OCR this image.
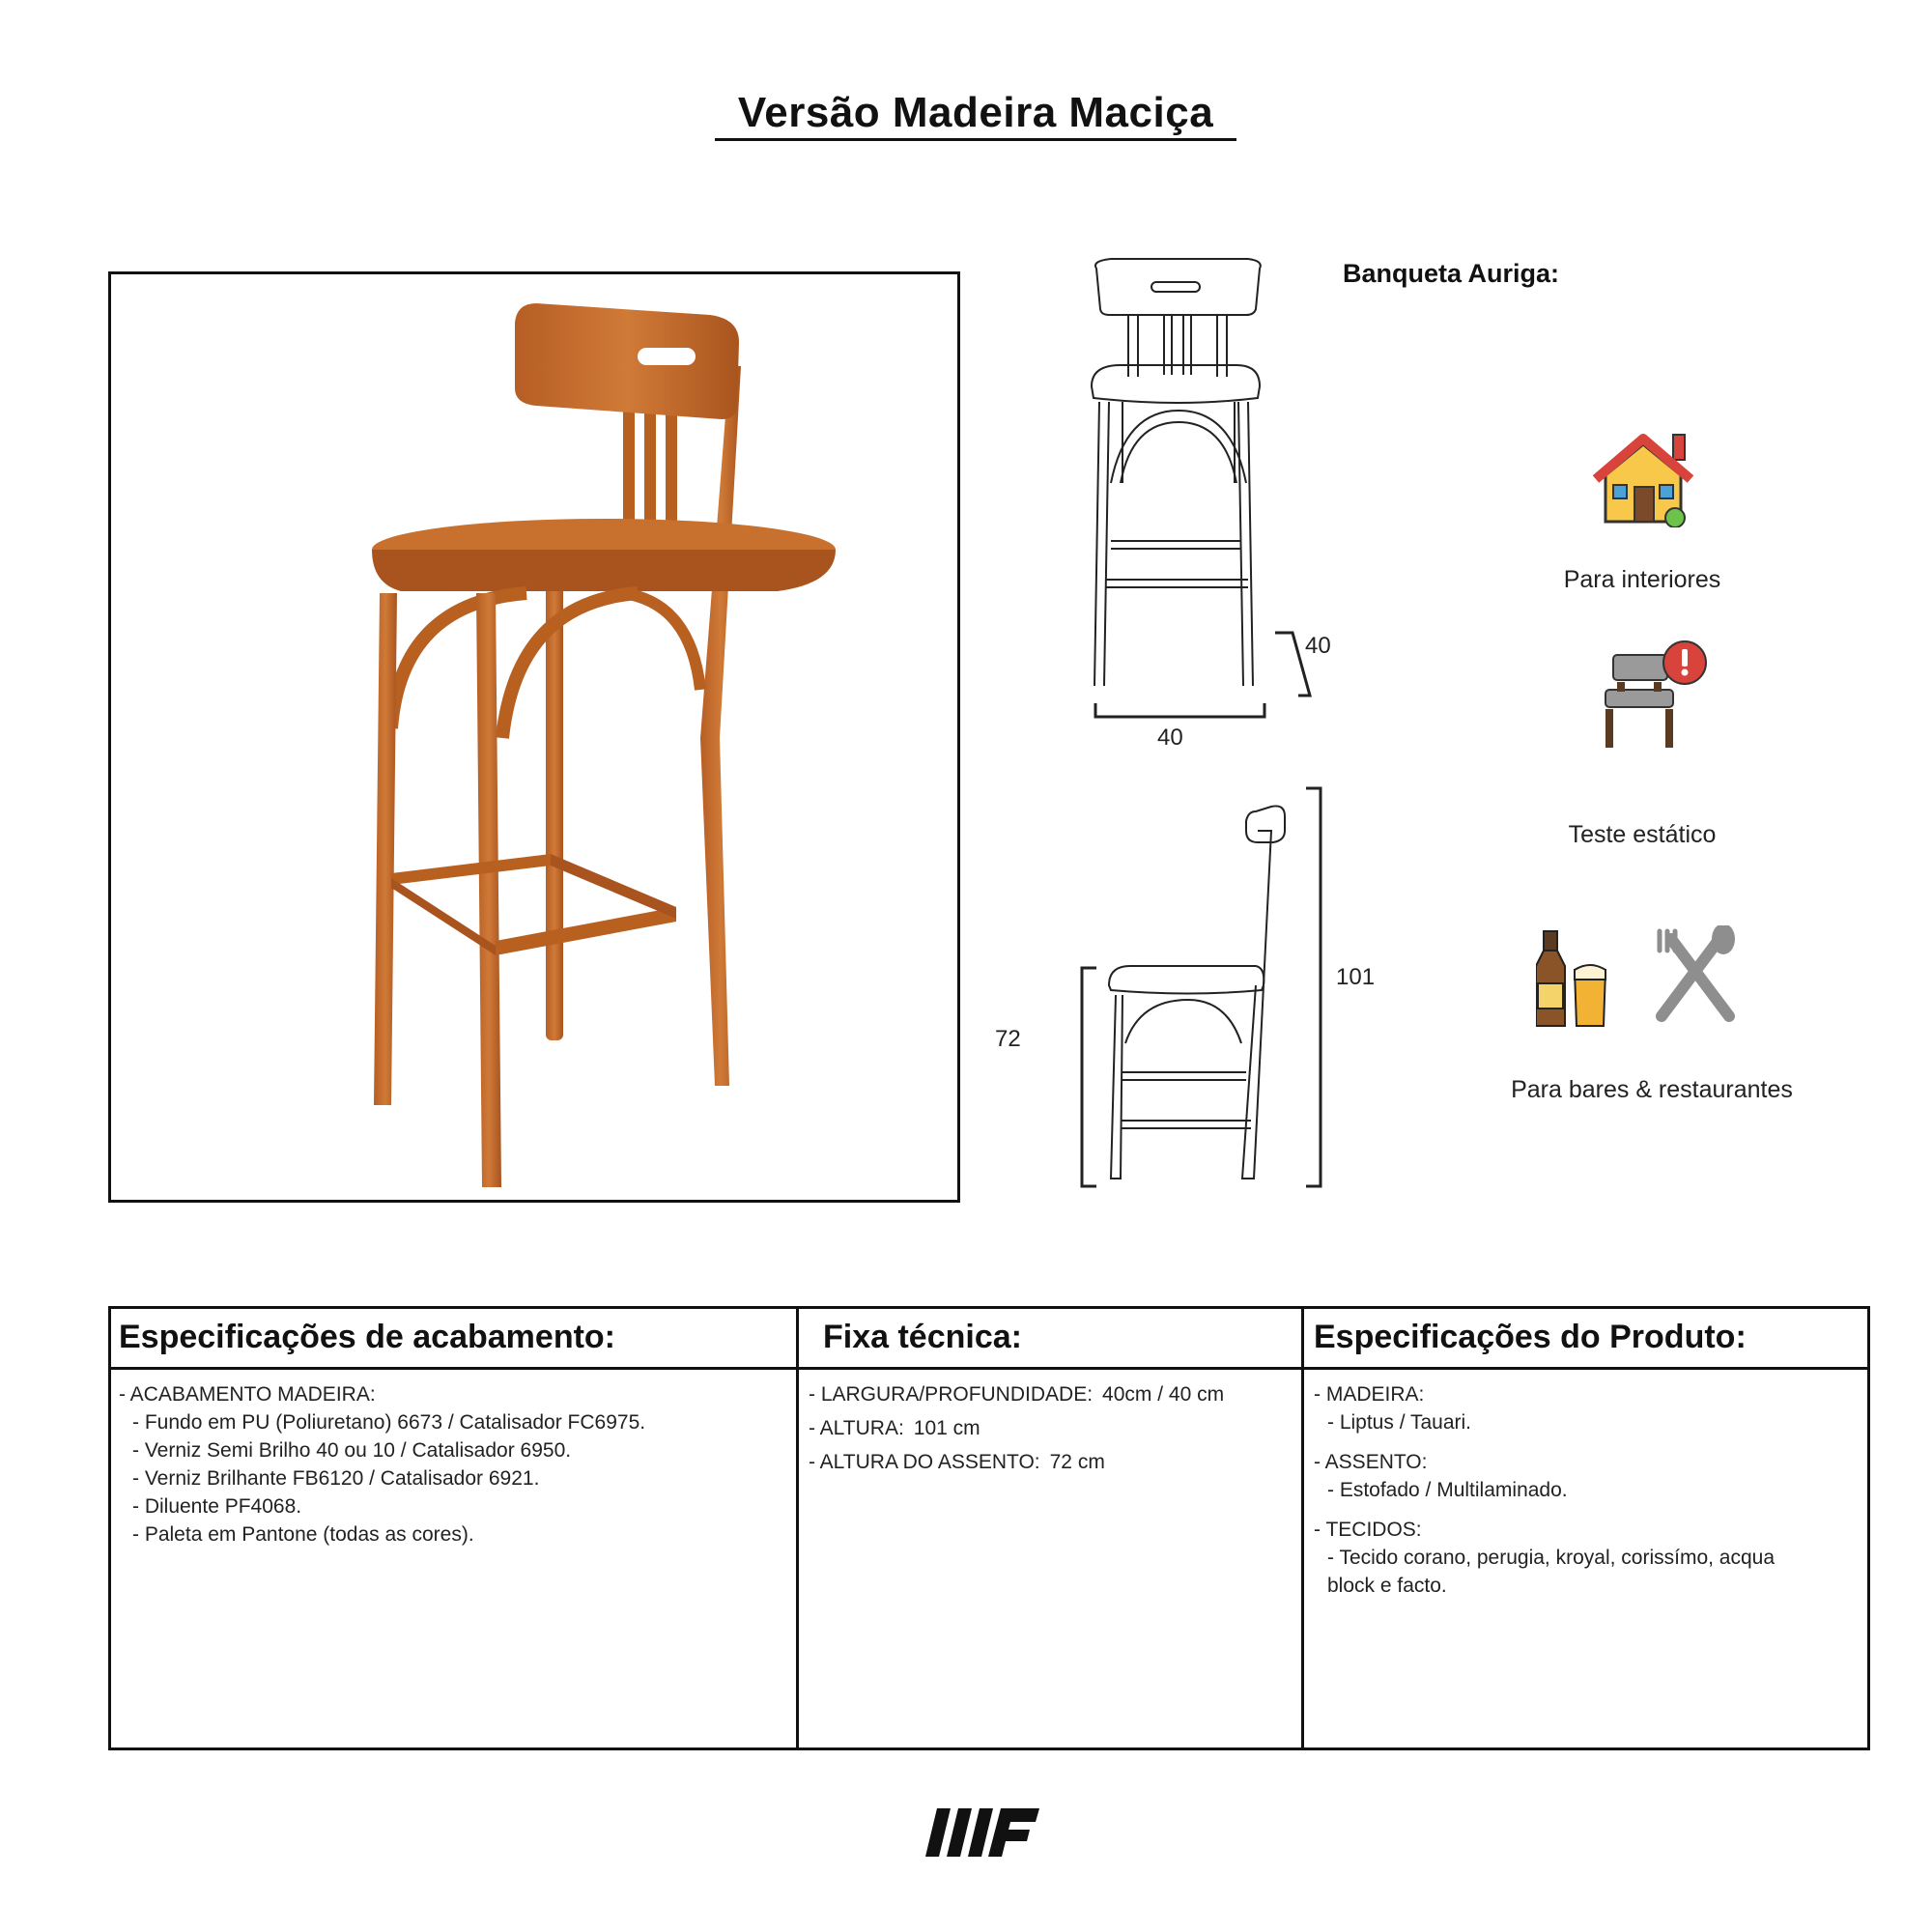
Versão Madeira Maciça
40
40
72
101
Banqueta Auriga:
Para interiores
Teste estático
Para bares & restaurantes
Especificações de acabamento:
- ACABAMENTO MADEIRA:
- Fundo em PU (Poliuretano) 6673 / Catalisador FC6975.
- Verniz Semi Brilho 40 ou 10 / Catalisador 6950.
- Verniz Brilhante FB6120 / Catalisador 6921.
- Diluente PF4068.
- Paleta em Pantone (todas as cores).
Fixa técnica:
- LARGURA/PROFUNDIDADE: 40cm / 40 cm
- ALTURA: 101 cm
- ALTURA DO ASSENTO: 72 cm
Especificações do Produto:
- MADEIRA:
- Liptus / Tauari.
- ASSENTO:
- Estofado / Multilaminado.
- TECIDOS:
- Tecido corano, perugia, kroyal, corissímo, acqua
block e facto.
